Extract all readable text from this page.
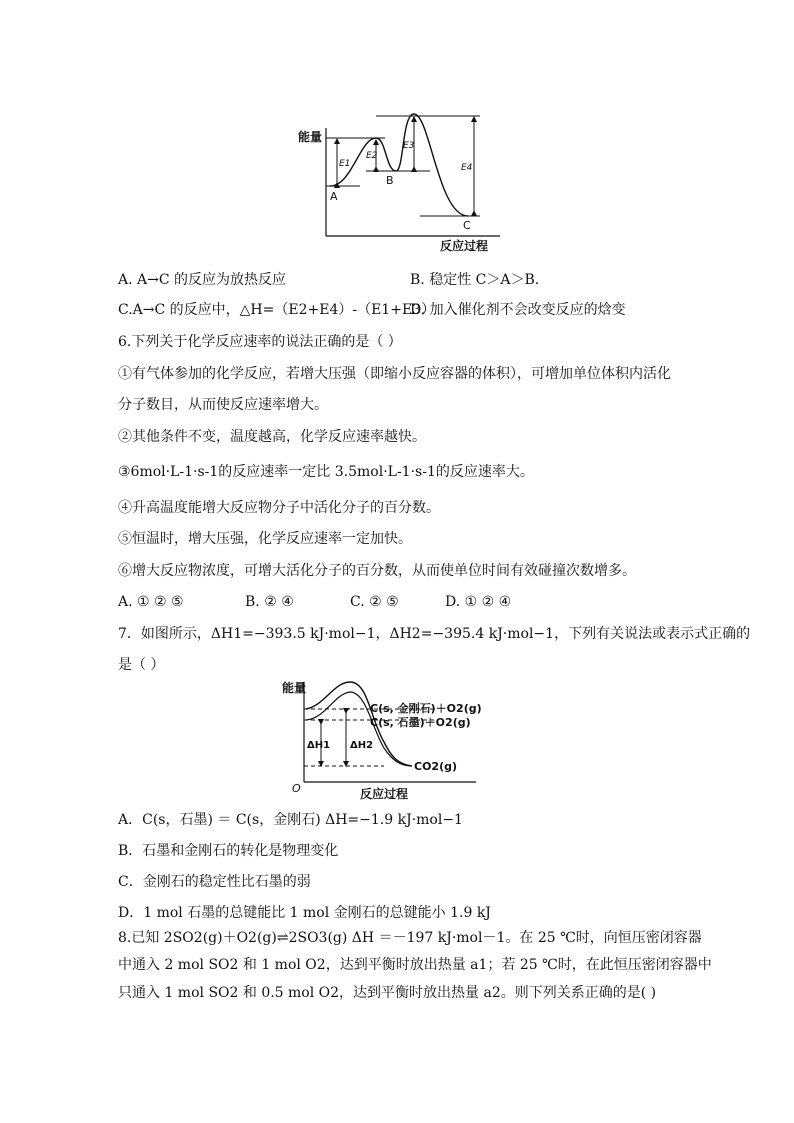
能量
反应过程
A
B
C
E1
E2
E3
E4
A. A→C 的反应为放热反应	B. 稳定性 C＞A＞B.
C.A→C 的反应中，△H=（E2+E4）-（E1+E3）
D. 加入催化剂不会改变反应的焓变
6.下列关于化学反应速率的说法正确的是（ ）
①有气体参加的化学反应，若增大压强（即缩小反应容器的体积），可增加单位体积内活化
分子数目，从而使反应速率增大。
②其他条件不变，温度越高，化学反应速率越快。
③6mol·L-1·s-1的反应速率一定比 3.5mol·L-1·s-1的反应速率大。
④升高温度能增大反应物分子中活化分子的百分数。
⑤恒温时，增大压强，化学反应速率一定加快。
⑥增大反应物浓度，可增大活化分子的百分数，从而使单位时间有效碰撞次数增多。
A. ① ② ⑤	B. ② ④	C. ② ⑤	D. ① ② ④
7．如图所示，ΔH1=−393.5 kJ·mol−1，ΔH2=−395.4 kJ·mol−1，下列有关说法或表示式正确的
是（ ）
能量
反应过程
O
C(s, 金刚石)＋O2(g)
C(s, 石墨)＋O2(g)
CO2(g)
ΔH1 ΔH2
A．C(s，石墨) ＝ C(s，金刚石) ΔH=−1.9 kJ·mol−1
B．石墨和金刚石的转化是物理变化
C．金刚石的稳定性比石墨的弱
D．1 mol 石墨的总键能比 1 mol 金刚石的总键能小 1.9 kJ
8.已知 2SO2(g)＋O2(g)⇌2SO3(g) ΔH ＝－197 kJ·mol－1。在 25 ℃时，向恒压密闭容器
中通入 2 mol SO2 和 1 mol O2，达到平衡时放出热量 a1；若 25 ℃时，在此恒压密闭容器中
只通入 1 mol SO2 和 0.5 mol O2，达到平衡时放出热量 a2。则下列关系正确的是( )
